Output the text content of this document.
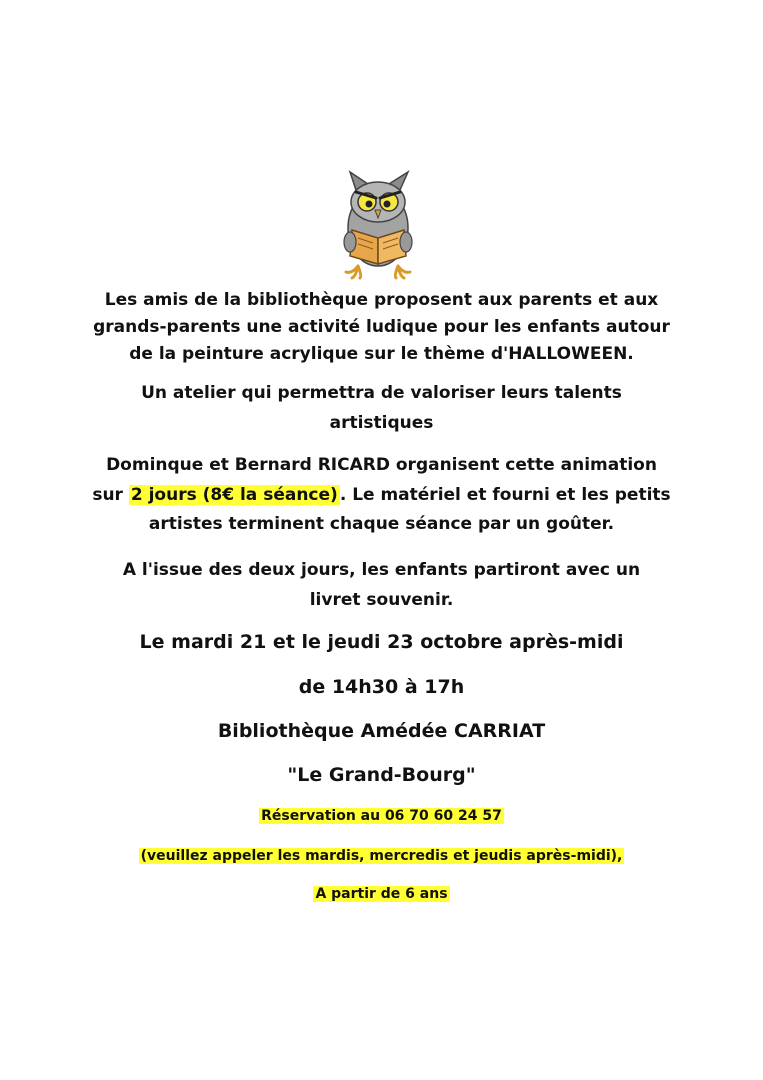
Les amis de la bibliothèque proposent aux parents et aux
grands-parents une activité ludique pour les enfants autour
de la peinture acrylique sur le thème d'HALLOWEEN.
Un atelier qui permettra de valoriser leurs talents
artistiques
Dominque et Bernard RICARD organisent cette animation
sur 2 jours (8€ la séance) . Le matériel et fourni et les petits
artistes terminent chaque séance par un goûter.
A l'issue des deux jours, les enfants partiront avec un
livret souvenir.
Le mardi 21 et le jeudi 23 octobre après-midi
de 14h30 à 17h
Bibliothèque Amédée CARRIAT
"Le Grand-Bourg"
Réservation au 06 70 60 24 57
(veuillez appeler les mardis, mercredis et jeudis après-midi),
A partir de 6 ans
